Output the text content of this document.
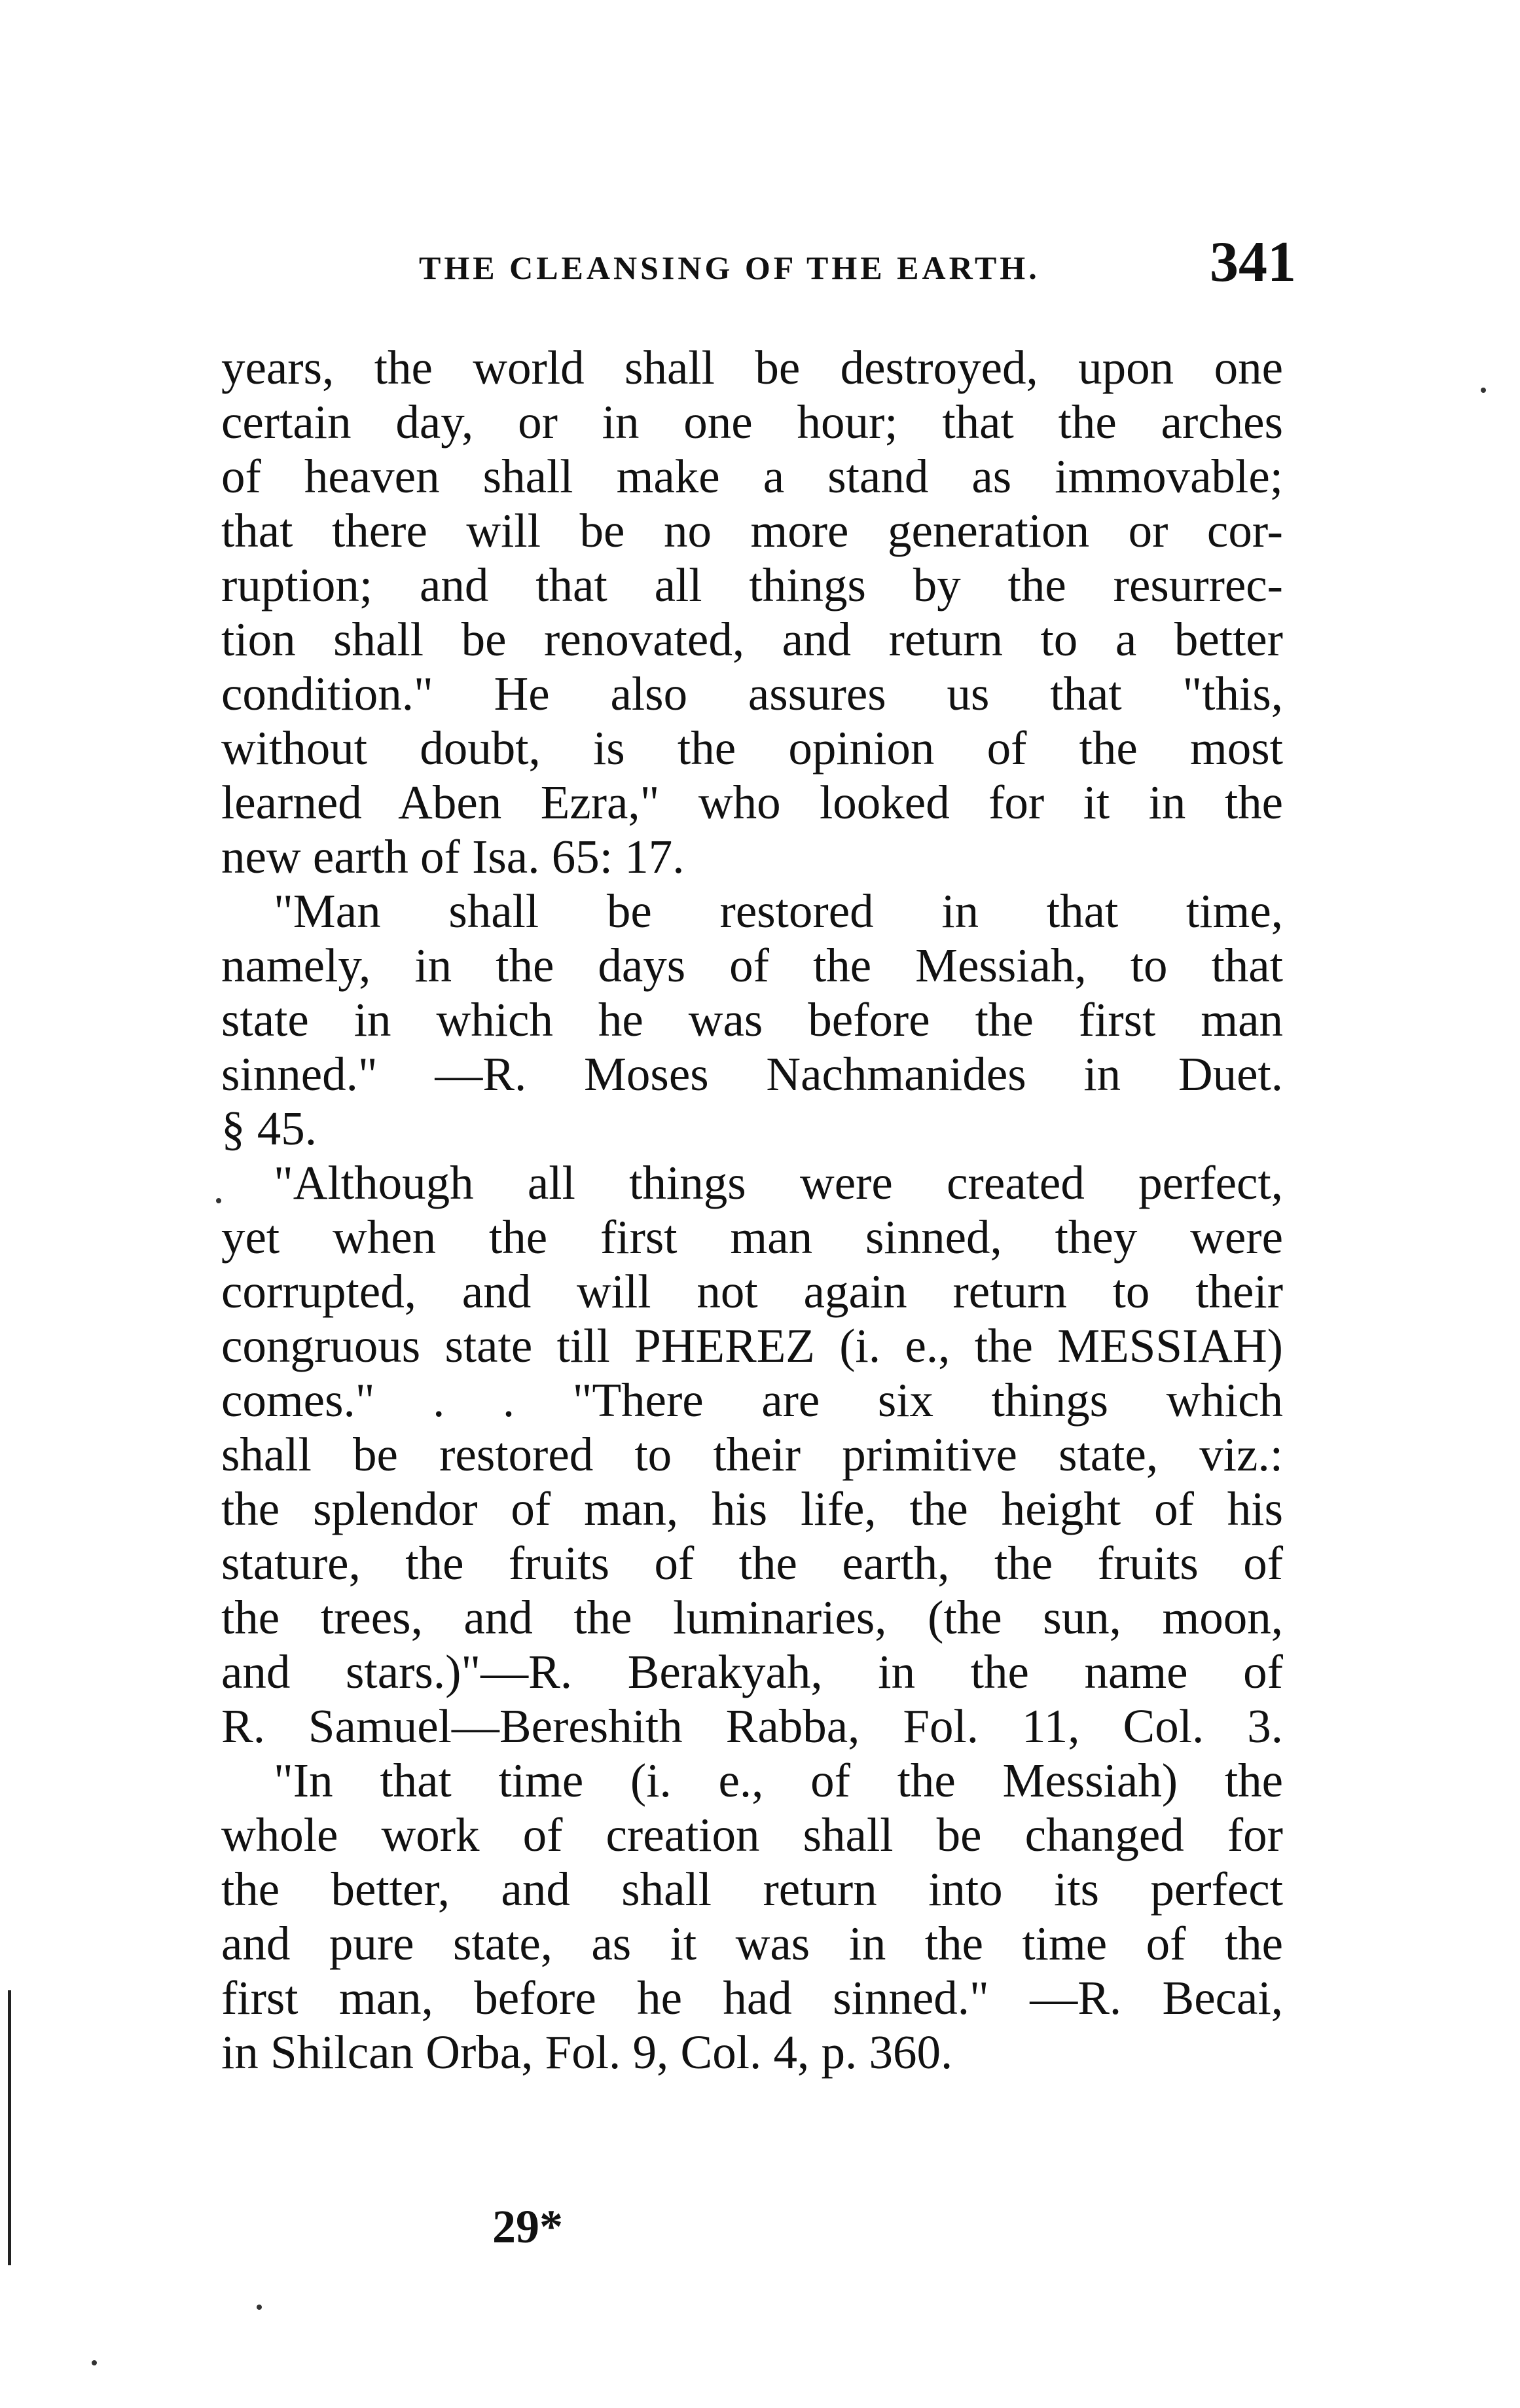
THE CLEANSING OF THE EARTH.	341
years, the world shall be destroyed, upon one
certain day, or in one hour; that the arches
of heaven shall make a stand as immovable;
that there will be no more generation or cor-
ruption; and that all things by the resurrec-
tion shall be renovated, and return to a better
condition." He also assures us that "this,
without doubt, is the opinion of the most
learned Aben Ezra," who looked for it in the
new earth of Isa. 65: 17.
"Man shall be restored in that time,
namely, in the days of the Messiah, to that
state in which he was before the first man
sinned." —R. Moses Nachmanides in Duet.
§ 45.
"Although all things were created perfect,
yet when the first man sinned, they were
corrupted, and will not again return to their
congruous state till PHEREZ (i. e., the MESSIAH)
comes." . . "There are six things which
shall be restored to their primitive state, viz.:
the splendor of man, his life, the height of his
stature, the fruits of the earth, the fruits of
the trees, and the luminaries, (the sun, moon,
and stars.)"—R. Berakyah, in the name of
R. Samuel—Bereshith Rabba, Fol. 11, Col. 3.
"In that time (i. e., of the Messiah) the
whole work of creation shall be changed for
the better, and shall return into its perfect
and pure state, as it was in the time of the
first man, before he had sinned." —R. Becai,
in Shilcan Orba, Fol. 9, Col. 4, p. 360.
29*
